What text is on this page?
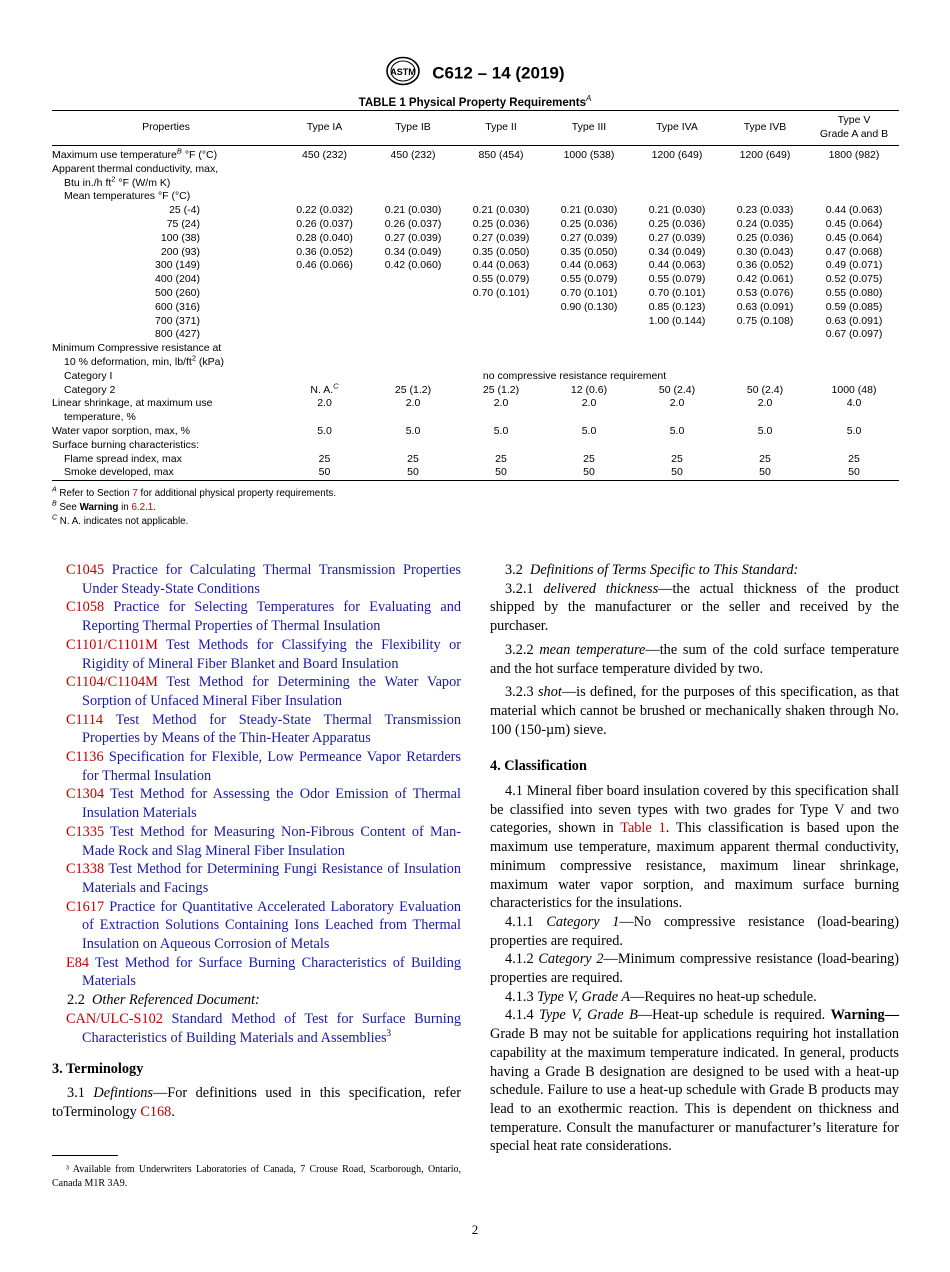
ASTM C612 – 14 (2019)
TABLE 1 Physical Property Requirements$^A$
Properties	Type IA	Type IB	Type II	Type III	Type IVA	Type IVB	Type V
Grade A and B
Maximum use temperature$^B$ °F (°C)	450 (232)	450 (232)	850 (454)	1000 (538)	1200 (649)	1200 (649)	1800 (982)
Apparent thermal conductivity, max,							
Btu in./h $ft^2$ °F (W/m K)							
Mean temperatures °F (°C)							
25 (-4)	0.22 (0.032)	0.21 (0.030)	0.21 (0.030)	0.21 (0.030)	0.21 (0.030)	0.23 (0.033)	0.44 (0.063)
75 (24)	0.26 (0.037)	0.26 (0.037)	0.25 (0.036)	0.25 (0.036)	0.25 (0.036)	0.24 (0.035)	0.45 (0.064)
100 (38)	0.28 (0.040)	0.27 (0.039)	0.27 (0.039)	0.27 (0.039)	0.27 (0.039)	0.25 (0.036)	0.45 (0.064)
200 (93)	0.36 (0.052)	0.34 (0.049)	0.35 (0.050)	0.35 (0.050)	0.34 (0.049)	0.30 (0.043)	0.47 (0.068)
300 (149)	0.46 (0.066)	0.42 (0.060)	0.44 (0.063)	0.44 (0.063)	0.44 (0.063)	0.36 (0.052)	0.49 (0.071)
400 (204)			0.55 (0.079)	0.55 (0.079)	0.55 (0.079)	0.42 (0.061)	0.52 (0.075)
500 (260)			0.70 (0.101)	0.70 (0.101)	0.70 (0.101)	0.53 (0.076)	0.55 (0.080)
600 (316)				0.90 (0.130)	0.85 (0.123)	0.63 (0.091)	0.59 (0.085)
700 (371)					1.00 (0.144)	0.75 (0.108)	0.63 (0.091)
800 (427)							0.67 (0.097)
Minimum Compressive resistance at							
10 % deformation, min, $lb/ft^2$ (kPa)							
Category I	no compressive resistance requirement						
Category 2	N. A.$^C$	25 (1.2)	25 (1.2)	12 (0.6)	50 (2.4)	50 (2.4)	1000 (48)
Linear shrinkage, at maximum use	2.0	2.0	2.0	2.0	2.0	2.0	4.0
temperature, %							
Water vapor sorption, max, %	5.0	5.0	5.0	5.0	5.0	5.0	5.0
Surface burning characteristics:							
Flame spread index, max	25	25	25	25	25	25	25
Smoke developed, max	50	50	50	50	50	50	50
$^A$ Refer to Section 7 for additional physical property requirements.
$^B$ See Warning in 6.2.1.
$^C$ N. A. indicates not applicable.

C1045 Practice for Calculating Thermal Transmission Properties Under Steady-State Conditions

C1058 Practice for Selecting Temperatures for Evaluating and Reporting Thermal Properties of Thermal Insulation

C1101/C1101M Test Methods for Classifying the Flexibility or Rigidity of Mineral Fiber Blanket and Board Insulation

C1104/C1104M Test Method for Determining the Water Vapor Sorption of Unfaced Mineral Fiber Insulation

C1114 Test Method for Steady-State Thermal Transmission Properties by Means of the Thin-Heater Apparatus

C1136 Specification for Flexible, Low Permeance Vapor Retarders for Thermal Insulation

C1304 Test Method for Assessing the Odor Emission of Thermal Insulation Materials

C1335 Test Method for Measuring Non-Fibrous Content of Man-Made Rock and Slag Mineral Fiber Insulation

C1338 Test Method for Determining Fungi Resistance of Insulation Materials and Facings

C1617 Practice for Quantitative Accelerated Laboratory Evaluation of Extraction Solutions Containing Ions Leached from Thermal Insulation on Aqueous Corrosion of Metals

E84 Test Method for Surface Burning Characteristics of Building Materials

2.2 Other Referenced Document:

CAN/ULC-S102 Standard Method of Test for Surface Burning Characteristics of Building Materials and Assemblies$^3$

3. Terminology

3.1 Defintions—For definitions used in this specification, refer toTerminology C168.

³ Available from Underwriters Laboratories of Canada, 7 Crouse Road, Scarborough, Ontario, Canada M1R 3A9.

3.2 Definitions of Terms Specific to This Standard:

3.2.1 delivered thickness—the actual thickness of the product shipped by the manufacturer or the seller and received by the purchaser.

3.2.2 mean temperature—the sum of the cold surface temperature and the hot surface temperature divided by two.

3.2.3 shot—is defined, for the purposes of this specification, as that material which cannot be brushed or mechanically shaken through No. 100 (150-µm) sieve.

4. Classification

4.1 Mineral fiber board insulation covered by this specification shall be classified into seven types with two grades for Type V and two categories, shown in Table 1. This classification is based upon the maximum use temperature, maximum apparent thermal conductivity, minimum compressive resistance, maximum linear shrinkage, maximum water vapor sorption, and maximum surface burning characteristics for the insulations.

4.1.1 Category 1—No compressive resistance (load-bearing) properties are required.

4.1.2 Category 2—Minimum compressive resistance (load-bearing) properties are required.

4.1.3 Type V, Grade A—Requires no heat-up schedule.

4.1.4 Type V, Grade B—Heat-up schedule is required. Warning—Grade B may not be suitable for applications requiring hot installation capability at the maximum temperature indicated. In general, products having a Grade B designation are designed to be used with a heat-up schedule. Failure to use a heat-up schedule with Grade B products may lead to an exothermic reaction. This is dependent on thickness and temperature. Consult the manufacturer or manufacturer’s literature for special heat rate considerations.

2
